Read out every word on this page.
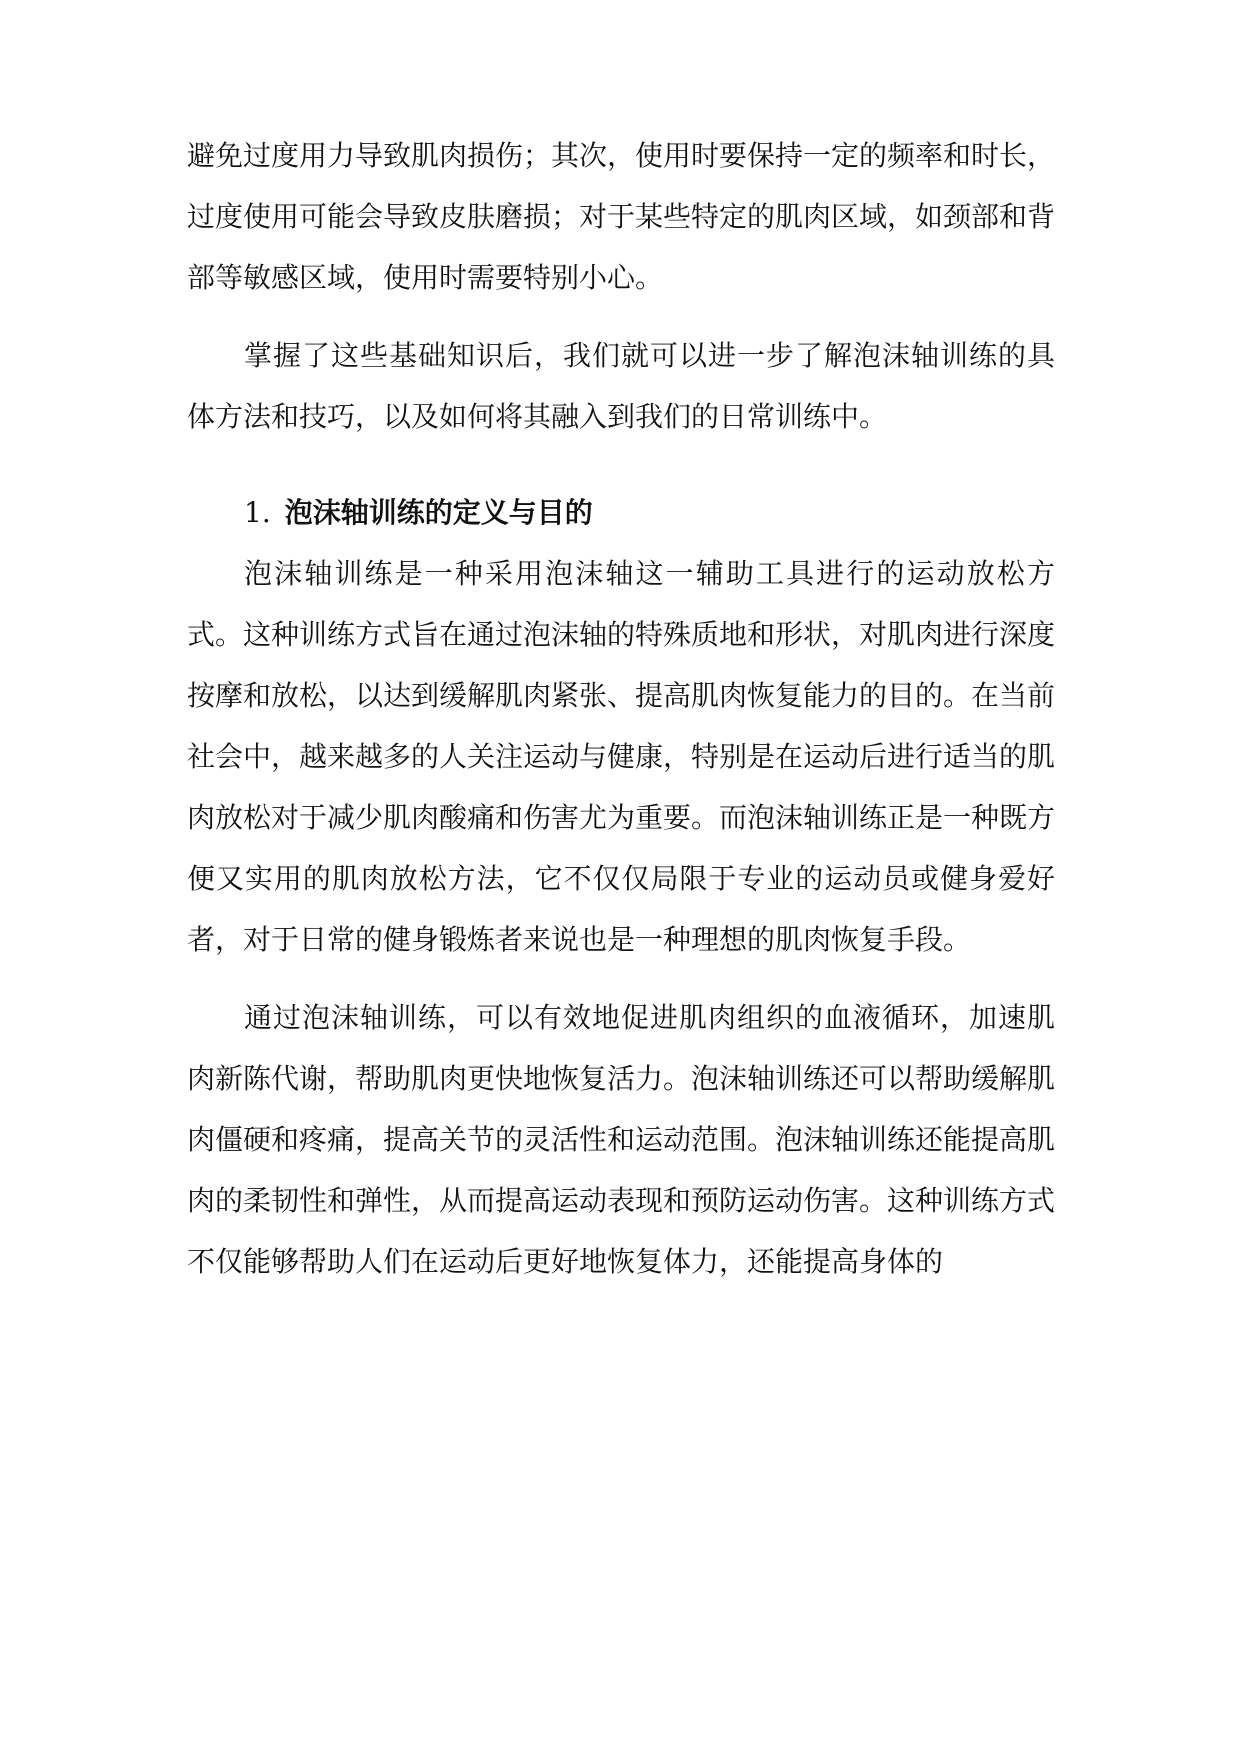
避免过度用力导致肌肉损伤；其次，使用时要保持一定的频率和时长，过度使用可能会导致皮肤磨损；对于某些特定的肌肉区域，如颈部和背部等敏感区域，使用时需要特别小心。

掌握了这些基础知识后，我们就可以进一步了解泡沫轴训练的具体方法和技巧，以及如何将其融入到我们的日常训练中。

1. 泡沫轴训练的定义与目的

泡沫轴训练是一种采用泡沫轴这一辅助工具进行的运动放松方式。这种训练方式旨在通过泡沫轴的特殊质地和形状，对肌肉进行深度按摩和放松，以达到缓解肌肉紧张、提高肌肉恢复能力的目的。在当前社会中，越来越多的人关注运动与健康，特别是在运动后进行适当的肌肉放松对于减少肌肉酸痛和伤害尤为重要。而泡沫轴训练正是一种既方便又实用的肌肉放松方法，它不仅仅局限于专业的运动员或健身爱好者，对于日常的健身锻炼者来说也是一种理想的肌肉恢复手段。

通过泡沫轴训练，可以有效地促进肌肉组织的血液循环，加速肌肉新陈代谢，帮助肌肉更快地恢复活力。泡沫轴训练还可以帮助缓解肌肉僵硬和疼痛，提高关节的灵活性和运动范围。泡沫轴训练还能提高肌肉的柔韧性和弹性，从而提高运动表现和预防运动伤害。这种训练方式不仅能够帮助人们在运动后更好地恢复体力，还能提高身体的
